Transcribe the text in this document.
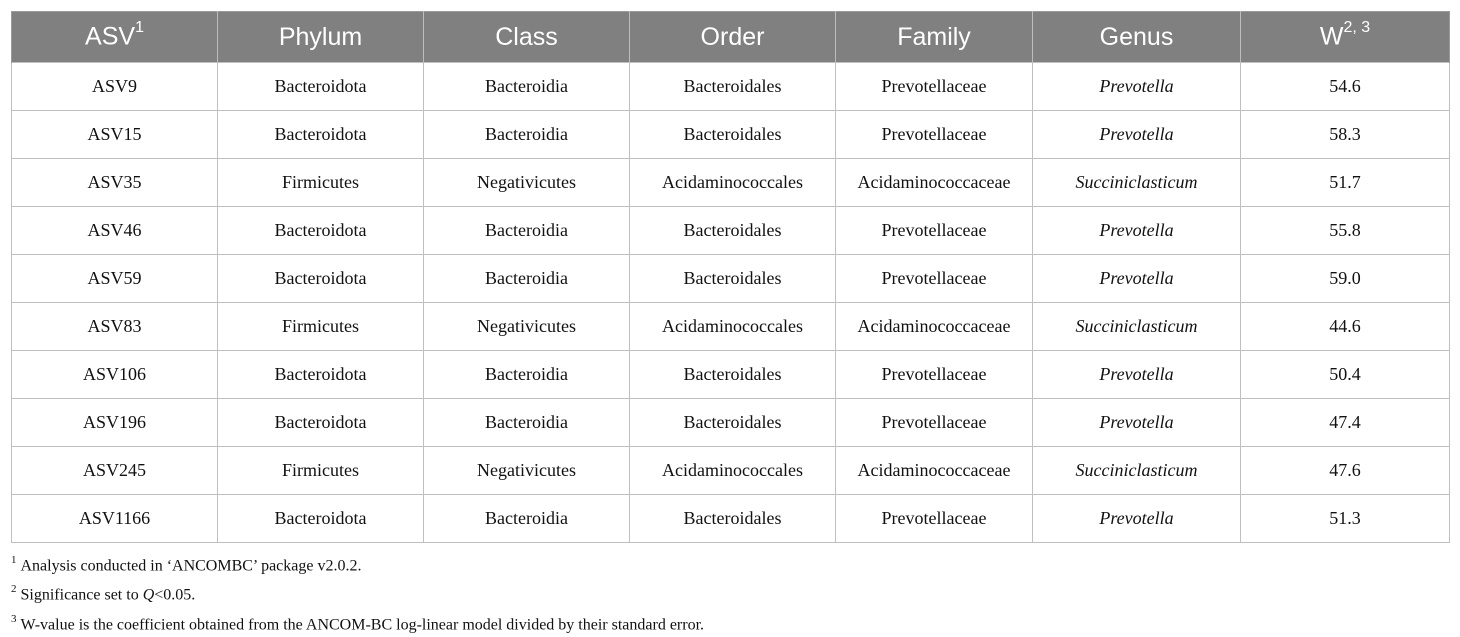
ASV$^1$	Phylum	Class	Order	Family	Genus	W$^{2, 3}$
ASV9	Bacteroidota	Bacteroidia	Bacteroidales	Prevotellaceae	Prevotella	54.6
ASV15	Bacteroidota	Bacteroidia	Bacteroidales	Prevotellaceae	Prevotella	58.3
ASV35	Firmicutes	Negativicutes	Acidaminococcales	Acidaminococcaceae	Succiniclasticum	51.7
ASV46	Bacteroidota	Bacteroidia	Bacteroidales	Prevotellaceae	Prevotella	55.8
ASV59	Bacteroidota	Bacteroidia	Bacteroidales	Prevotellaceae	Prevotella	59.0
ASV83	Firmicutes	Negativicutes	Acidaminococcales	Acidaminococcaceae	Succiniclasticum	44.6
ASV106	Bacteroidota	Bacteroidia	Bacteroidales	Prevotellaceae	Prevotella	50.4
ASV196	Bacteroidota	Bacteroidia	Bacteroidales	Prevotellaceae	Prevotella	47.4
ASV245	Firmicutes	Negativicutes	Acidaminococcales	Acidaminococcaceae	Succiniclasticum	47.6
ASV1166	Bacteroidota	Bacteroidia	Bacteroidales	Prevotellaceae	Prevotella	51.3
$^1$ Analysis conducted in ‘ANCOMBC’ package v2.0.2.
$^2$ Significance set to Q<0.05.
$^3$ W-value is the coefficient obtained from the ANCOM-BC log-linear model divided by their standard error.
